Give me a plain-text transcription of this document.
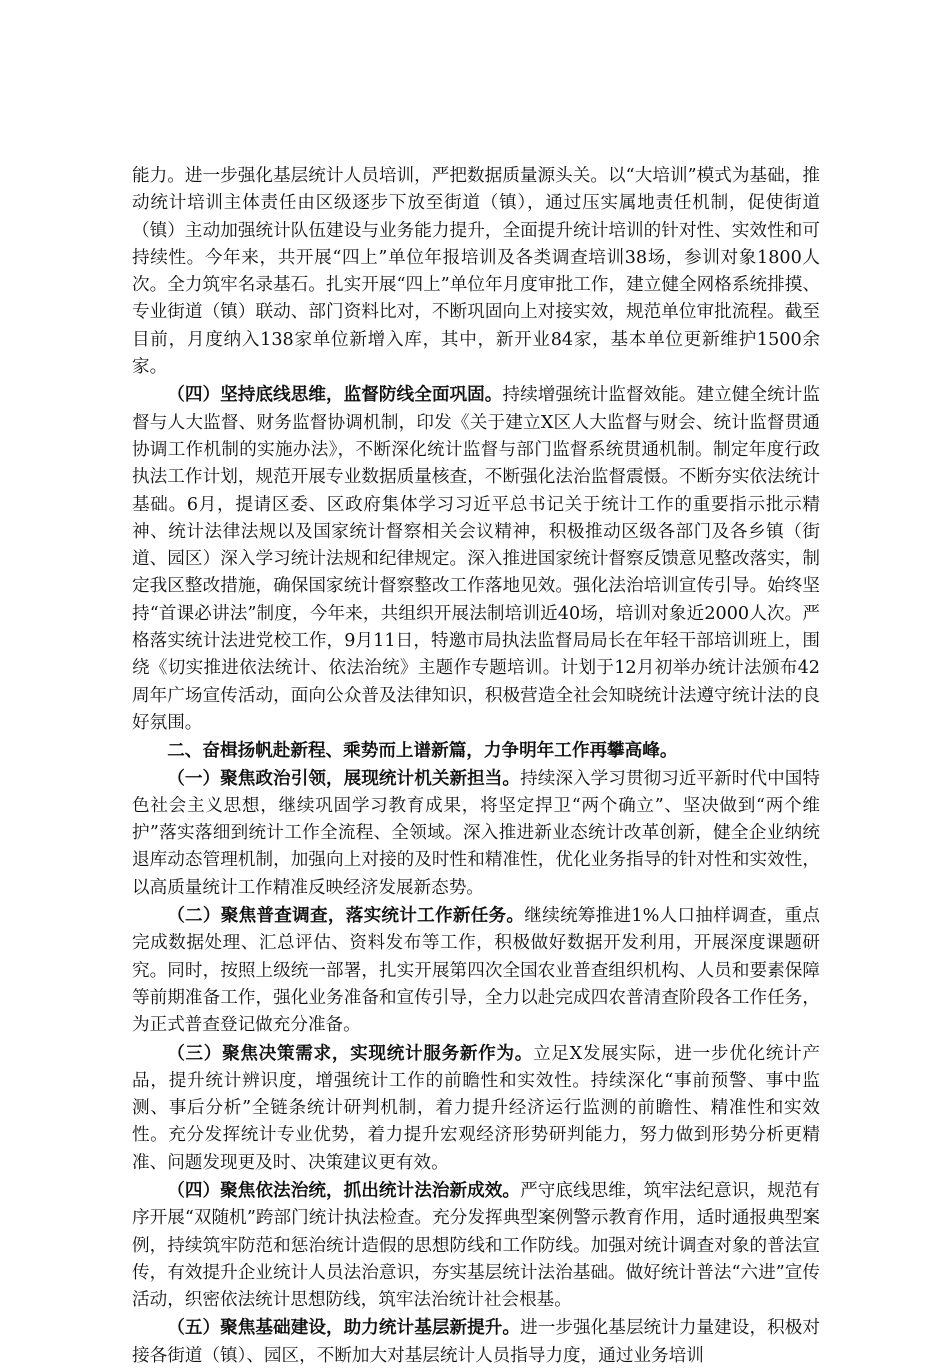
能力。进一步强化基层统计人员培训，严把数据质量源头关。以“大培训”模式为基础，推动统计培训主体责任由区级逐步下放至街道（镇），通过压实属地责任机制，促使街道（镇）主动加强统计队伍建设与业务能力提升，全面提升统计培训的针对性、实效性和可持续性。今年来，共开展“四上”单位年报培训及各类调查培训38场，参训对象1800人次。全力筑牢名录基石。扎实开展“四上”单位年月度审批工作，建立健全网格系统排摸、专业街道（镇）联动、部门资料比对，不断巩固向上对接实效，规范单位审批流程。截至目前，月度纳入138家单位新增入库，其中，新开业84家，基本单位更新维护1500余家。

（四）坚持底线思维，监督防线全面巩固。持续增强统计监督效能。建立健全统计监督与人大监督、财务监督协调机制，印发《关于建立X区人大监督与财会、统计监督贯通协调工作机制的实施办法》，不断深化统计监督与部门监督系统贯通机制。制定年度行政执法工作计划，规范开展专业数据质量核查，不断强化法治监督震慑。不断夯实依法统计基础。6月，提请区委、区政府集体学习习近平总书记关于统计工作的重要指示批示精神、统计法律法规以及国家统计督察相关会议精神，积极推动区级各部门及各乡镇（街道、园区）深入学习统计法规和纪律规定。深入推进国家统计督察反馈意见整改落实，制定我区整改措施，确保国家统计督察整改工作落地见效。强化法治培训宣传引导。始终坚持“首课必讲法”制度，今年来，共组织开展法制培训近40场，培训对象近2000人次。严格落实统计法进党校工作，9月11日，特邀市局执法监督局局长在年轻干部培训班上，围绕《切实推进依法统计、依法治统》主题作专题培训。计划于12月初举办统计法颁布42周年广场宣传活动，面向公众普及法律知识，积极营造全社会知晓统计法遵守统计法的良好氛围。

二、奋楫扬帆赴新程、乘势而上谱新篇，力争明年工作再攀高峰。

（一）聚焦政治引领，展现统计机关新担当。持续深入学习贯彻习近平新时代中国特色社会主义思想，继续巩固学习教育成果，将坚定捍卫“两个确立”、坚决做到“两个维护”落实落细到统计工作全流程、全领域。深入推进新业态统计改革创新，健全企业纳统退库动态管理机制，加强向上对接的及时性和精准性，优化业务指导的针对性和实效性，以高质量统计工作精准反映经济发展新态势。

（二）聚焦普查调查，落实统计工作新任务。继续统筹推进1%人口抽样调查，重点完成数据处理、汇总评估、资料发布等工作，积极做好数据开发利用，开展深度课题研究。同时，按照上级统一部署，扎实开展第四次全国农业普查组织机构、人员和要素保障等前期准备工作，强化业务准备和宣传引导，全力以赴完成四农普清查阶段各工作任务，为正式普查登记做充分准备。

（三）聚焦决策需求，实现统计服务新作为。立足X发展实际，进一步优化统计产品，提升统计辨识度，增强统计工作的前瞻性和实效性。持续深化“事前预警、事中监测、事后分析”全链条统计研判机制，着力提升经济运行监测的前瞻性、精准性和实效性。充分发挥统计专业优势，着力提升宏观经济形势研判能力，努力做到形势分析更精准、问题发现更及时、决策建议更有效。

（四）聚焦依法治统，抓出统计法治新成效。严守底线思维，筑牢法纪意识，规范有序开展“双随机”跨部门统计执法检查。充分发挥典型案例警示教育作用，适时通报典型案例，持续筑牢防范和惩治统计造假的思想防线和工作防线。加强对统计调查对象的普法宣传，有效提升企业统计人员法治意识，夯实基层统计法治基础。做好统计普法“六进”宣传活动，织密依法统计思想防线，筑牢法治统计社会根基。

（五）聚焦基础建设，助力统计基层新提升。进一步强化基层统计力量建设，积极对接各街道（镇）、园区，不断加大对基层统计人员指导力度，通过业务培训
